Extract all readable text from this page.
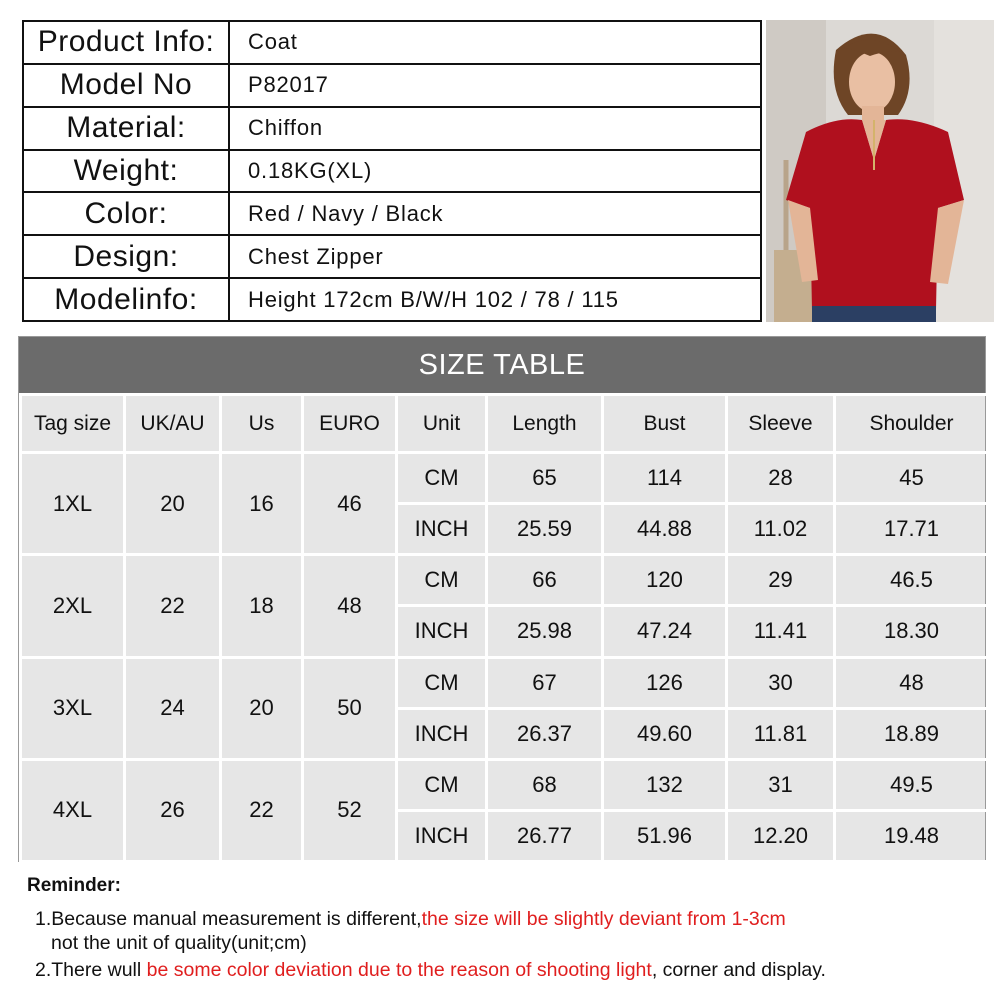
Product Info:	Coat
Model No	P82017
Material:	Chiffon
Weight:	0.18KG(XL)
Color:	Red / Navy / Black
Design:	Chest Zipper
Modelinfo:	Height 172cm B/W/H 102 / 78 / 115
SIZE TABLE
Tag size	UK/AU	Us	EURO	Unit	Length	Bust	Sleeve	Shoulder
1XL	20	16	46	CM	65	114	28	45
				INCH	25.59	44.88	11.02	17.71
2XL	22	18	48	CM	66	120	29	46.5
				INCH	25.98	47.24	11.41	18.30
3XL	24	20	50	CM	67	126	30	48
				INCH	26.37	49.60	11.81	18.89
4XL	26	22	52	CM	68	132	31	49.5
				INCH	26.77	51.96	12.20	19.48
Reminder:
1.Because manual measurement is different,the size will be slightly deviant from 1-3cm
not the unit of quality(unit;cm)
2.There wull be some color deviation due to the reason of shooting light, corner and display.
